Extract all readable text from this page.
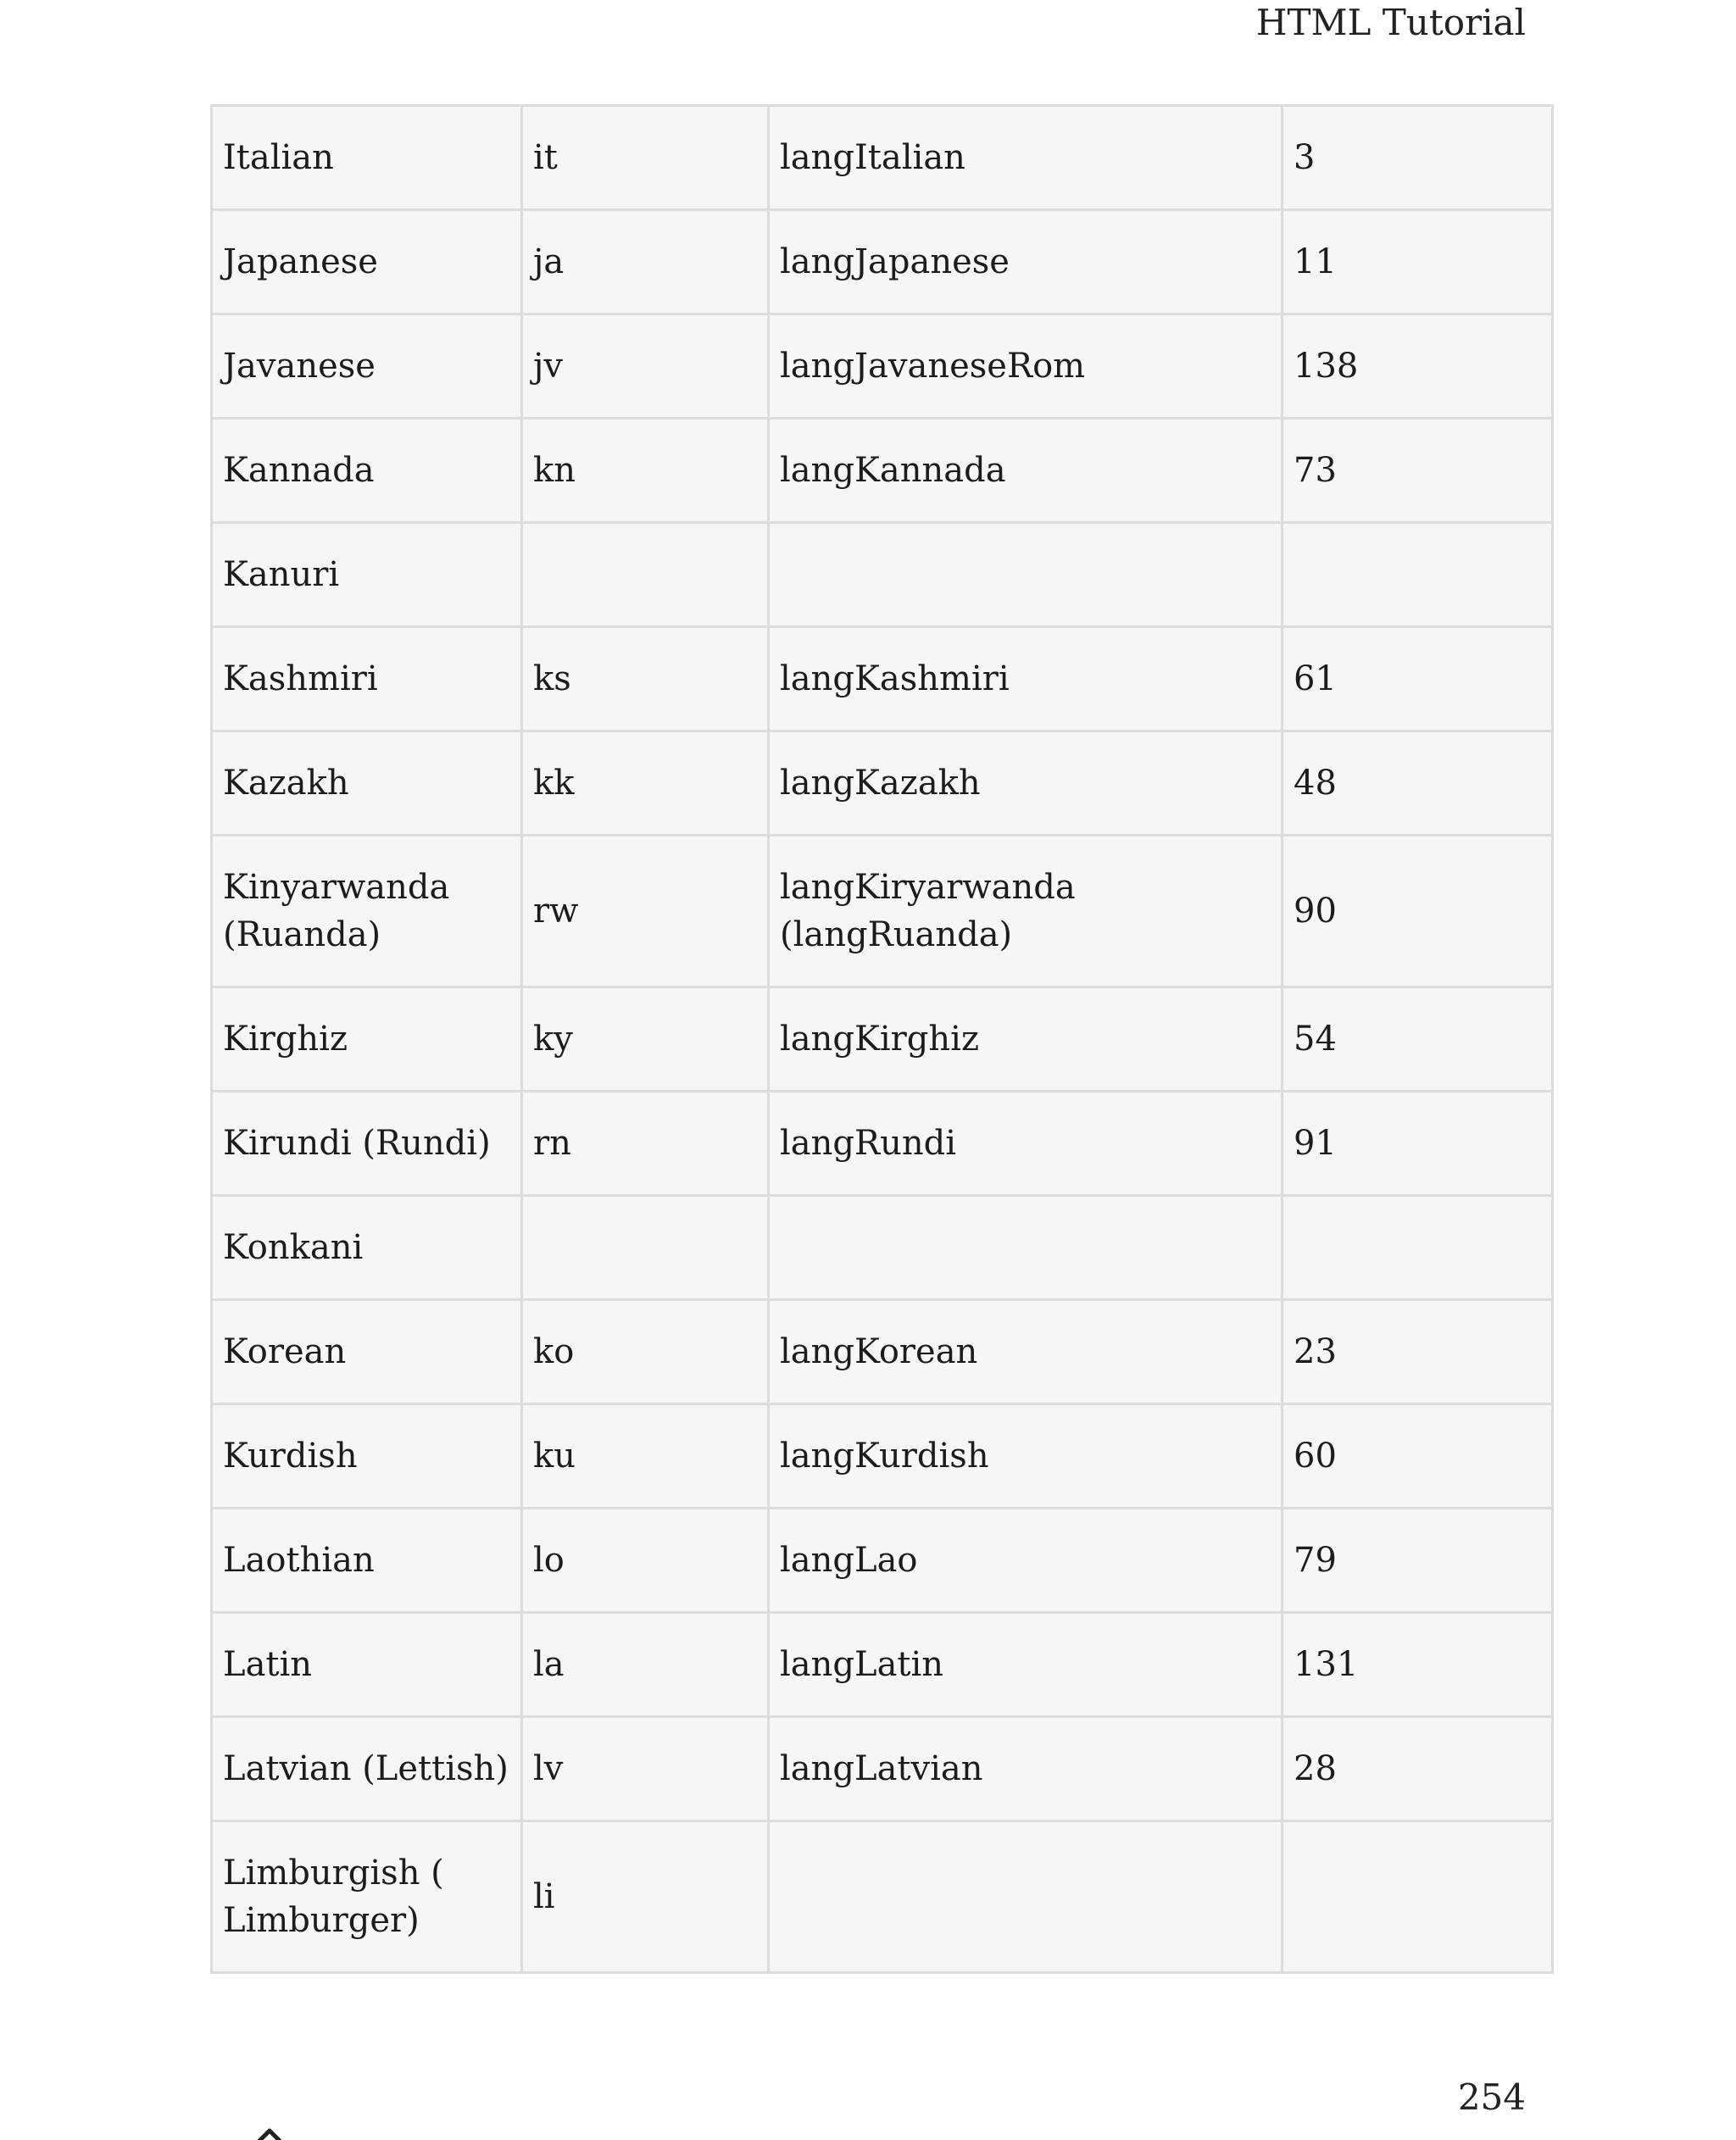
HTML Tutorial
Italian	it	langItalian	3
Japanese	ja	langJapanese	11
Javanese	jv	langJavaneseRom	138
Kannada	kn	langKannada	73
Kanuri			
Kashmiri	ks	langKashmiri	61
Kazakh	kk	langKazakh	48
Kinyarwanda (Ruanda)	rw	langKiryarwanda (langRuanda)	90
Kirghiz	ky	langKirghiz	54
Kirundi (Rundi)	rn	langRundi	91
Konkani			
Korean	ko	langKorean	23
Kurdish	ku	langKurdish	60
Laothian	lo	langLao	79
Latin	la	langLatin	131
Latvian (Lettish)	lv	langLatvian	28
Limburgish ( Limburger)	li		
254
